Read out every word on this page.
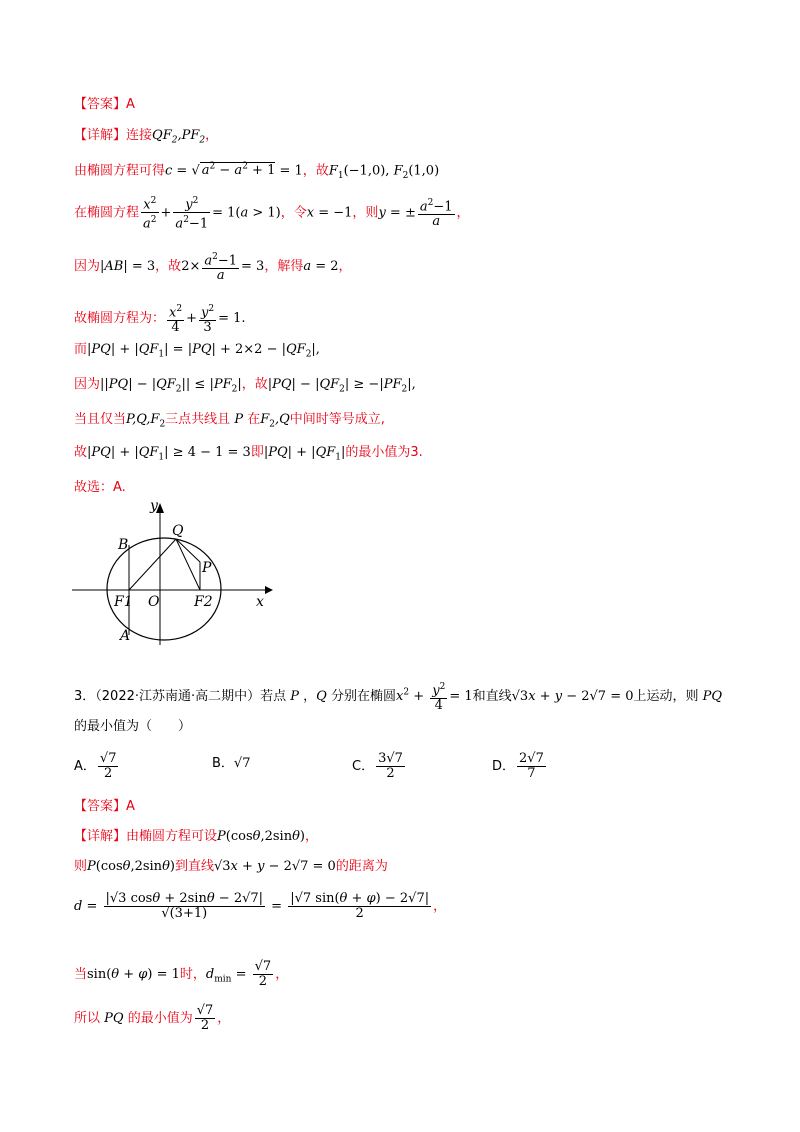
【答案】A
【详解】连接$QF_2,PF_2$，
由椭圆方程可得c = √ $a^2 - a^2 + 1 = 1$，故$F_1(-1,0)$, $F_2(1,0)$
在椭圆方程 $\frac{x^2}{a^2} + \frac{y^2}{a^2-1} = 1(a > 1)$，令x = −1，则y = ± $\frac{a^2-1}{a}$ ，
因为|AB| = 3，故$2\times \frac{a^2-1}{a} = 3$，解得a = 2，
故椭圆方程为： $\frac{x^2}{4} + \frac{y^2}{3} = 1$.
而$|PQ| + |QF_1| = |PQ| + 2\times 2 - |QF_2|$,
因为$||PQ| - |QF_2|| \le |PF_2|$，故$|PQ| - |QF_2| \ge -|PF_2|$,
当且仅当$P,Q,F_2$三点共线且 P 在$F_2,Q$中间时等号成立,
故$|PQ| + |QF_1| \ge 4 - 1 = 3$即$|PQ| + |QF_1|$的最小值为3.
故选：A.
y
Q
B
P
F1 O F2	x
A
3．（2022·江苏南通·高二期中）若点 P ，Q 分别在椭圆$x^2 + \frac{y^2}{4} = 1$和直线√3x + y − 2√7 = 0上运动，则 PQ
的最小值为（　　）
A． $\frac{√7}{2}$	B．√7	C． $\frac{3√7}{2}$	D． $\frac{2√7}{7}$
【答案】A
【详解】由椭圆方程可设P(cosθ,2sinθ)，
则P(cosθ,2sinθ)到直线√3x + y − 2√7 = 0的距离为
$d = \frac{|√3 \cos\theta + 2\sin\theta - 2√7|}{√(3+1)} = \frac{|√7 \sin(\theta + \varphi) - 2√7|}{2}$ ，
当sin(θ + φ) = 1时，$d_{min} = \frac{√7}{2}$ ，
所以 PQ 的最小值为 $\frac{√7}{2}$ ，
